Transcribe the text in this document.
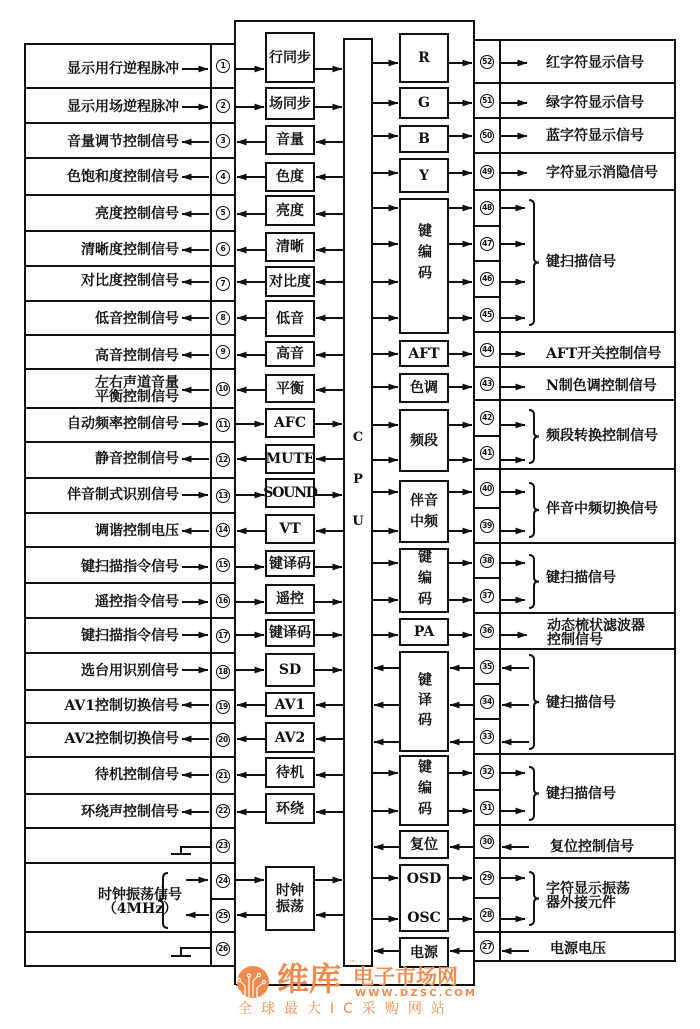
C
P
U
1
2
3
4
5
6
7
8
9
10
11
12
13
14
15
16
17
18
19
20
21
22
23
24
25
26
52
51
50
49
48
47
46
45
44
43
42
41
40
39
38
37
36
35
34
33
32
31
30
29
28
27
行同步
场同步
音量
色度
亮度
清晰
对比度
低音
高音
平衡
AFC
MUTE
SOUND
VT
键译码
遥控
键译码
SD
AV1
AV2
待机
环绕
时钟
振荡
R
G
B
Y
键编码
AFT
色调
频段
伴音
中频
键编码
PA
键译码
键编码
复位
OSD
OSC
电源
显示用行逆程脉冲
显示用场逆程脉冲
音量调节控制信号
色饱和度控制信号
亮度控制信号
清晰度控制信号
对比度控制信号
低音控制信号
高音控制信号
左右声道音量
平衡控制信号
自动频率控制信号
静音控制信号
伴音制式识别信号
调谐控制电压
键扫描指令信号
遥控指令信号
键扫描指令信号
选台用识别信号
AV1控制切换信号
AV2控制切换信号
待机控制信号
环绕声控制信号
时钟振荡信号
（4MHz）
红字符显示信号
绿字符显示信号
蓝字符显示信号
字符显示消隐信号
键扫描信号
AFT开关控制信号
N制色调控制信号
频段转换控制信号
伴音中频切换信号
键扫描信号
动态梳状滤波器
控制信号
键扫描信号
键扫描信号
复位控制信号
字符显示振荡
器外接元件
电源电压
维库 ™
电子市场网
WWW.DZSC.COM
全球最大IC采购网站
